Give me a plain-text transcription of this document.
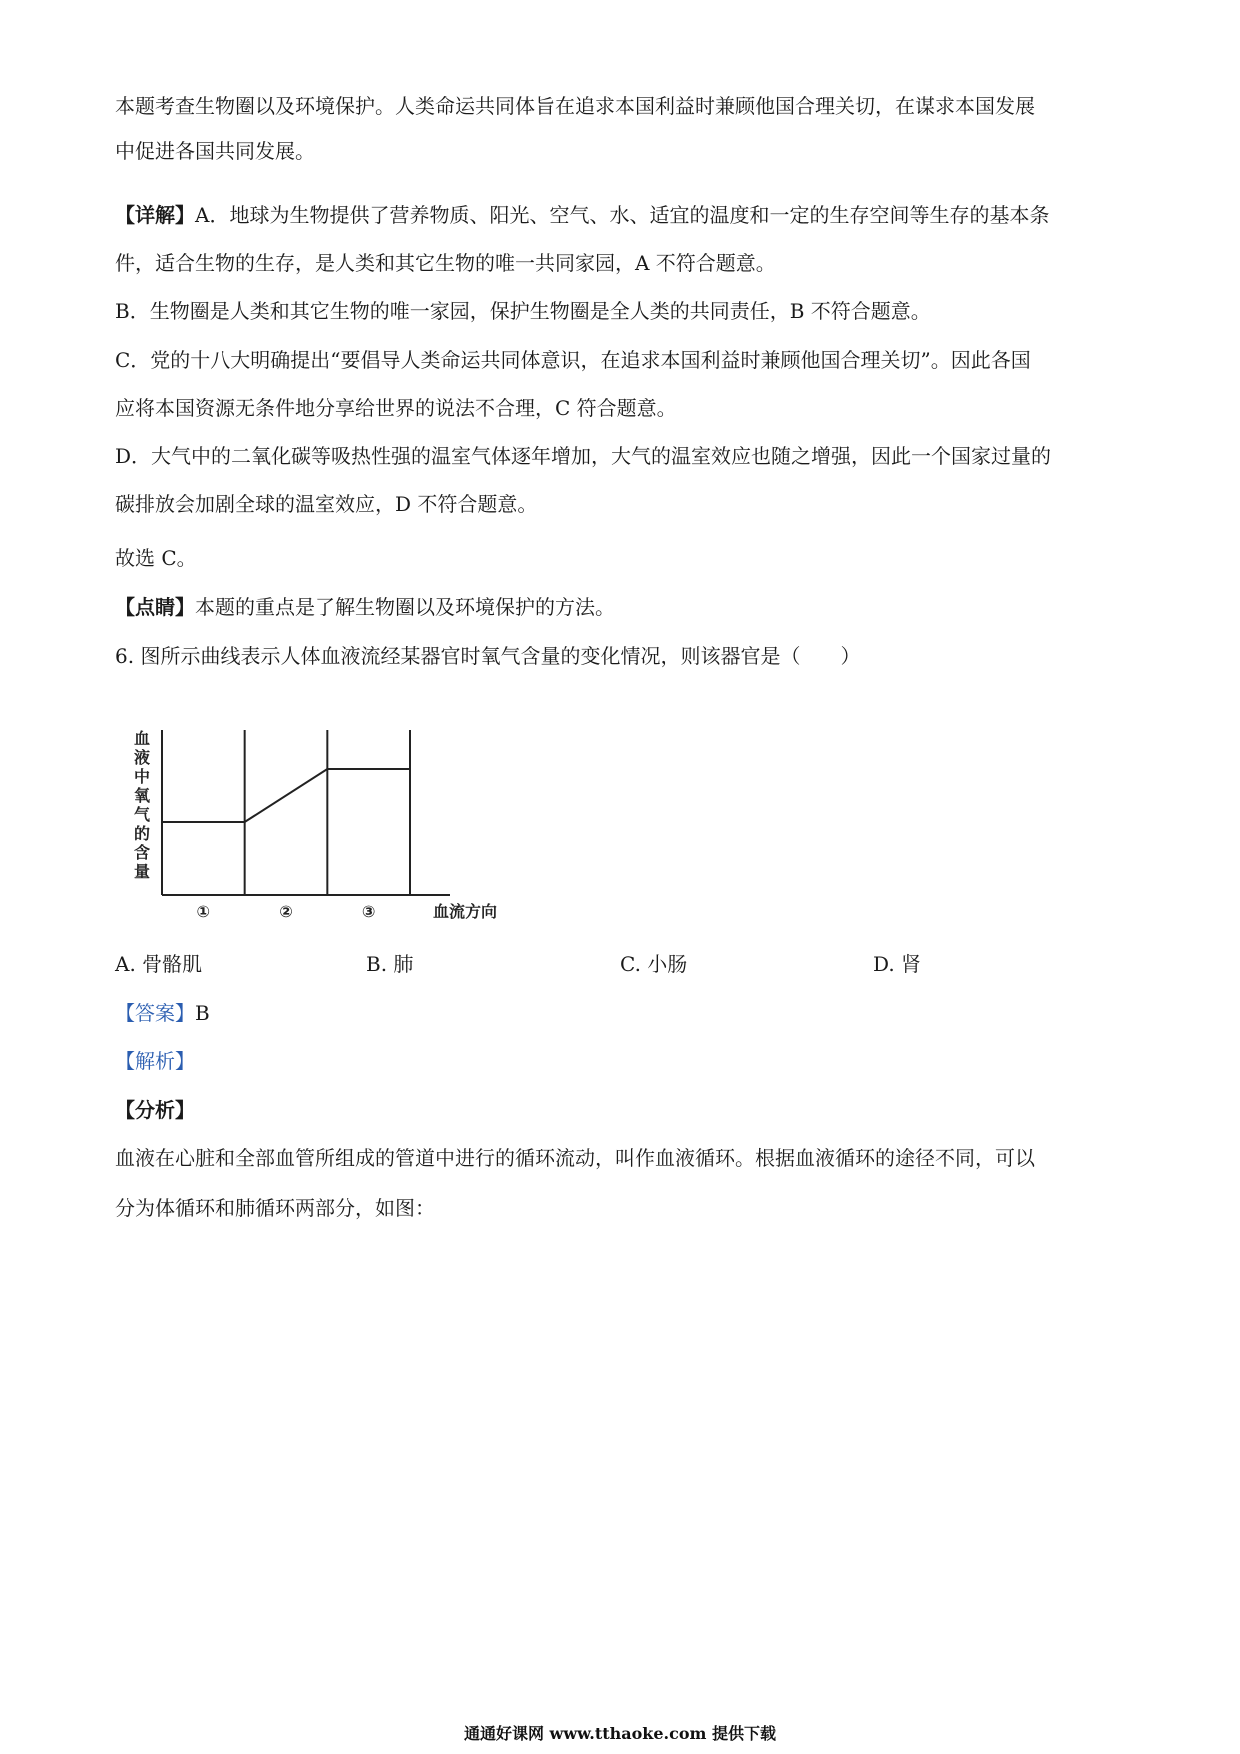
本题考查生物圈以及环境保护。人类命运共同体旨在追求本国利益时兼顾他国合理关切，在谋求本国发展
中促进各国共同发展。
【详解】A．地球为生物提供了营养物质、阳光、空气、水、适宜的温度和一定的生存空间等生存的基本条
件，适合生物的生存，是人类和其它生物的唯一共同家园，A 不符合题意。
B．生物圈是人类和其它生物的唯一家园，保护生物圈是全人类的共同责任，B 不符合题意。
C．党的十八大明确提出“要倡导人类命运共同体意识，在追求本国利益时兼顾他国合理关切”。因此各国
应将本国资源无条件地分享给世界的说法不合理，C 符合题意。
D．大气中的二氧化碳等吸热性强的温室气体逐年增加，大气的温室效应也随之增强，因此一个国家过量的
碳排放会加剧全球的温室效应，D 不符合题意。
故选 C。
【点睛】本题的重点是了解生物圈以及环境保护的方法。
6. 图所示曲线表示人体血液流经某器官时氧气含量的变化情况，则该器官是（　　）
血
液
中
氧
气
的
含
量
①	②	③	血流方向
A. 骨骼肌	B. 肺	C. 小肠	D. 肾
【答案】B
【解析】
【分析】
血液在心脏和全部血管所组成的管道中进行的循环流动，叫作血液循环。根据血液循环的途径不同，可以
分为体循环和肺循环两部分，如图：
通通好课网 www.tthaoke.com 提供下载
